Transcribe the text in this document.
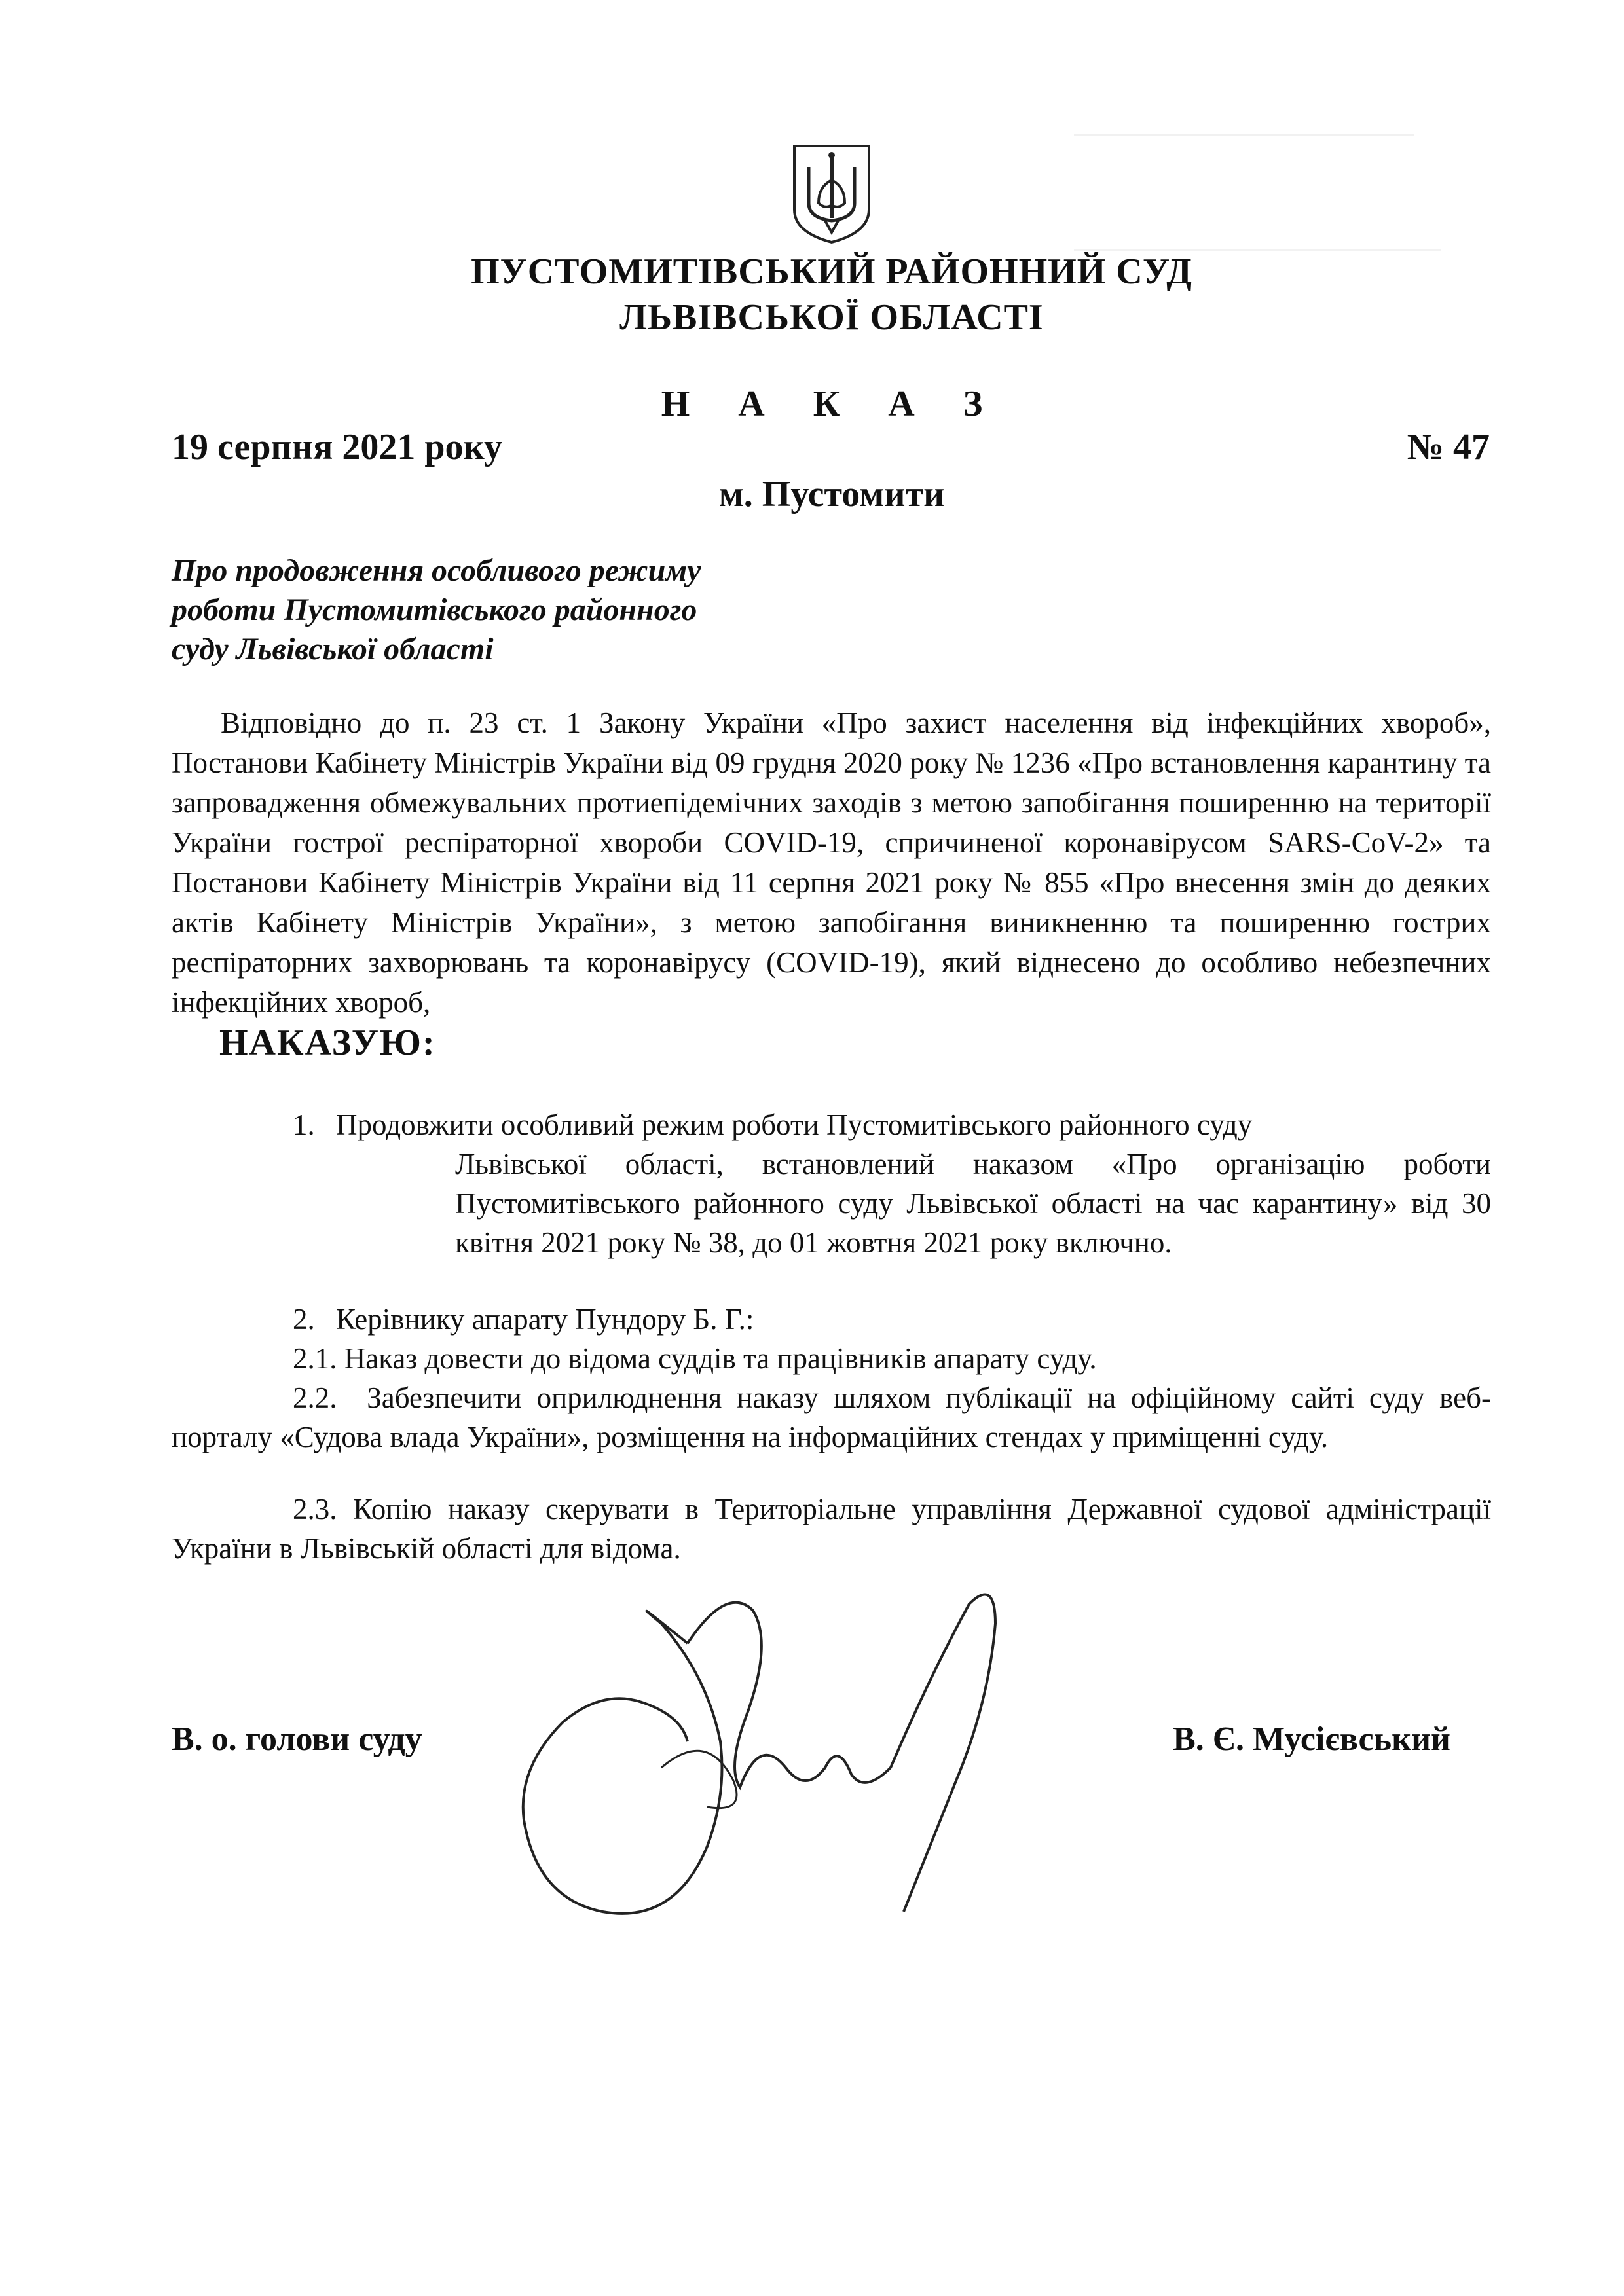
ПУСТОМИТІВСЬКИЙ РАЙОННИЙ СУД
ЛЬВІВСЬКОЇ ОБЛАСТІ
Н А К А З
19 серпня 2021 року	№ 47
м. Пустомити
Про продовження особливого режиму
роботи Пустомитівського районного
суду Львівської області
Відповідно до п. 23 ст. 1 Закону України «Про захист населення від інфекційних хвороб», Постанови Кабінету Міністрів України від 09 грудня 2020 року № 1236 «Про встановлення карантину та запровадження обмежувальних протиепідемічних заходів з метою запобігання поширенню на території України гострої респіраторної хвороби COVID-19, спричиненої коронавірусом SARS-CoV-2» та Постанови Кабінету Міністрів України від 11 серпня 2021 року № 855 «Про внесення змін до деяких актів Кабінету Міністрів України», з метою запобігання виникненню та поширенню гострих респіраторних захворювань та коронавірусу (COVID-19), який віднесено до особливо небезпечних інфекційних хвороб,
НАКАЗУЮ:
1. Продовжити особливий режим роботи Пустомитівського районного суду
Львівської області, встановлений наказом «Про організацію роботи Пустомитівського районного суду Львівської області на час карантину» від 30 квітня 2021 року № 38, до 01 жовтня 2021 року включно.
2. Керівнику апарату Пундору Б. Г.:
2.1. Наказ довести до відома суддів та працівників апарату суду.
2.2. Забезпечити оприлюднення наказу шляхом публікації на офіційному сайті суду веб-порталу «Судова влада України», розміщення на інформаційних стендах у приміщенні суду.
2.3. Копію наказу скерувати в Територіальне управління Державної судової адміністрації України в Львівській області для відома.
В. о. голови суду	В. Є. Мусієвський
